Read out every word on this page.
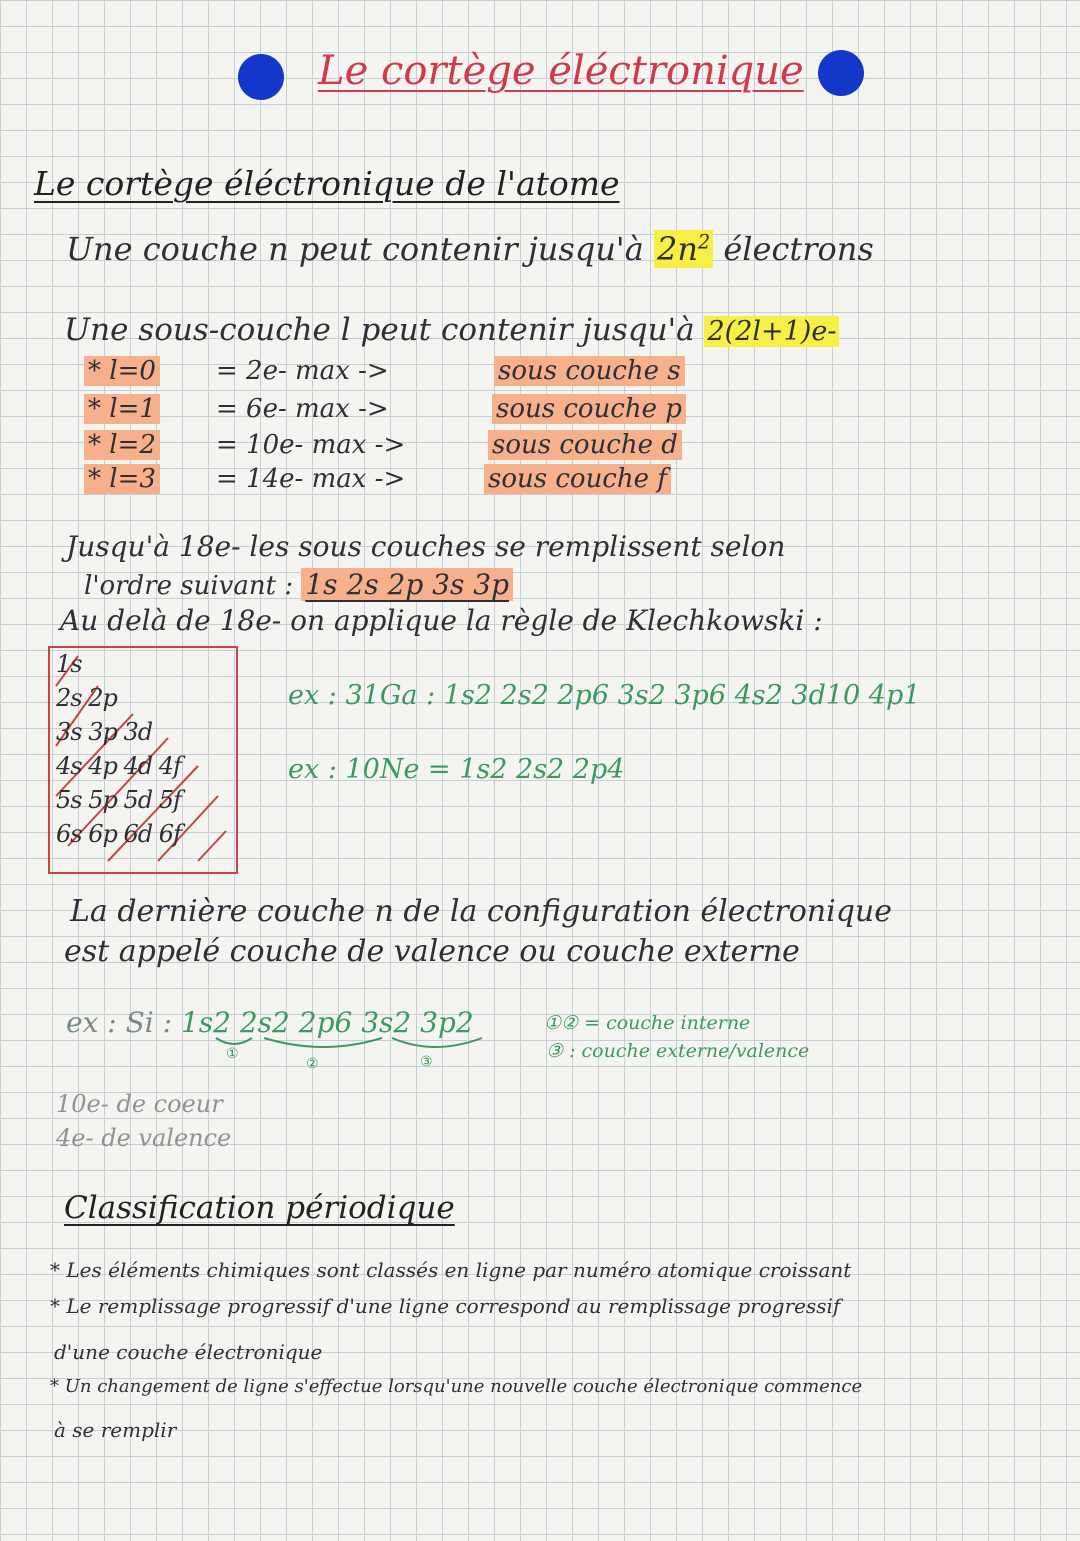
Le cortège éléctronique
Le cortège éléctronique de l'atome
Une couche n peut contenir jusqu'à $2n^2$ électrons
Une sous-couche l peut contenir jusqu'à 2(2l+1)e-
* l=0 = 2e- max ->	sous couche s
* l=1 = 6e- max ->	sous couche p
* l=2 = 10e- max ->	sous couche d
* l=3 = 14e- max ->	sous couche f
Jusqu'à 18e- les sous couches se remplissent selon
l'ordre suivant : 1s 2s 2p 3s 3p
Au delà de 18e- on applique la règle de Klechkowski :
1s
2s 2p
3s 3p 3d
4s 4p 4d 4f
5s 5p 5d 5f
6s 6p 6d 6f
ex : 31Ga : 1s2 2s2 2p6 3s2 3p6 4s2 3d10 4p1
ex : 10Ne = 1s2 2s2 2p4
La dernière couche n de la configuration électronique
est appelé couche de valence ou couche externe
ex : Si : 1s2 2s2 2p6 3s2 3p2
①
②	③
①② = couche interne
③ : couche externe/valence
10e- de coeur
4e- de valence
Classification périodique
* Les éléments chimiques sont classés en ligne par numéro atomique croissant
* Le remplissage progressif d'une ligne correspond au remplissage progressif
d'une couche électronique
* Un changement de ligne s'effectue lorsqu'une nouvelle couche électronique commence
à se remplir
